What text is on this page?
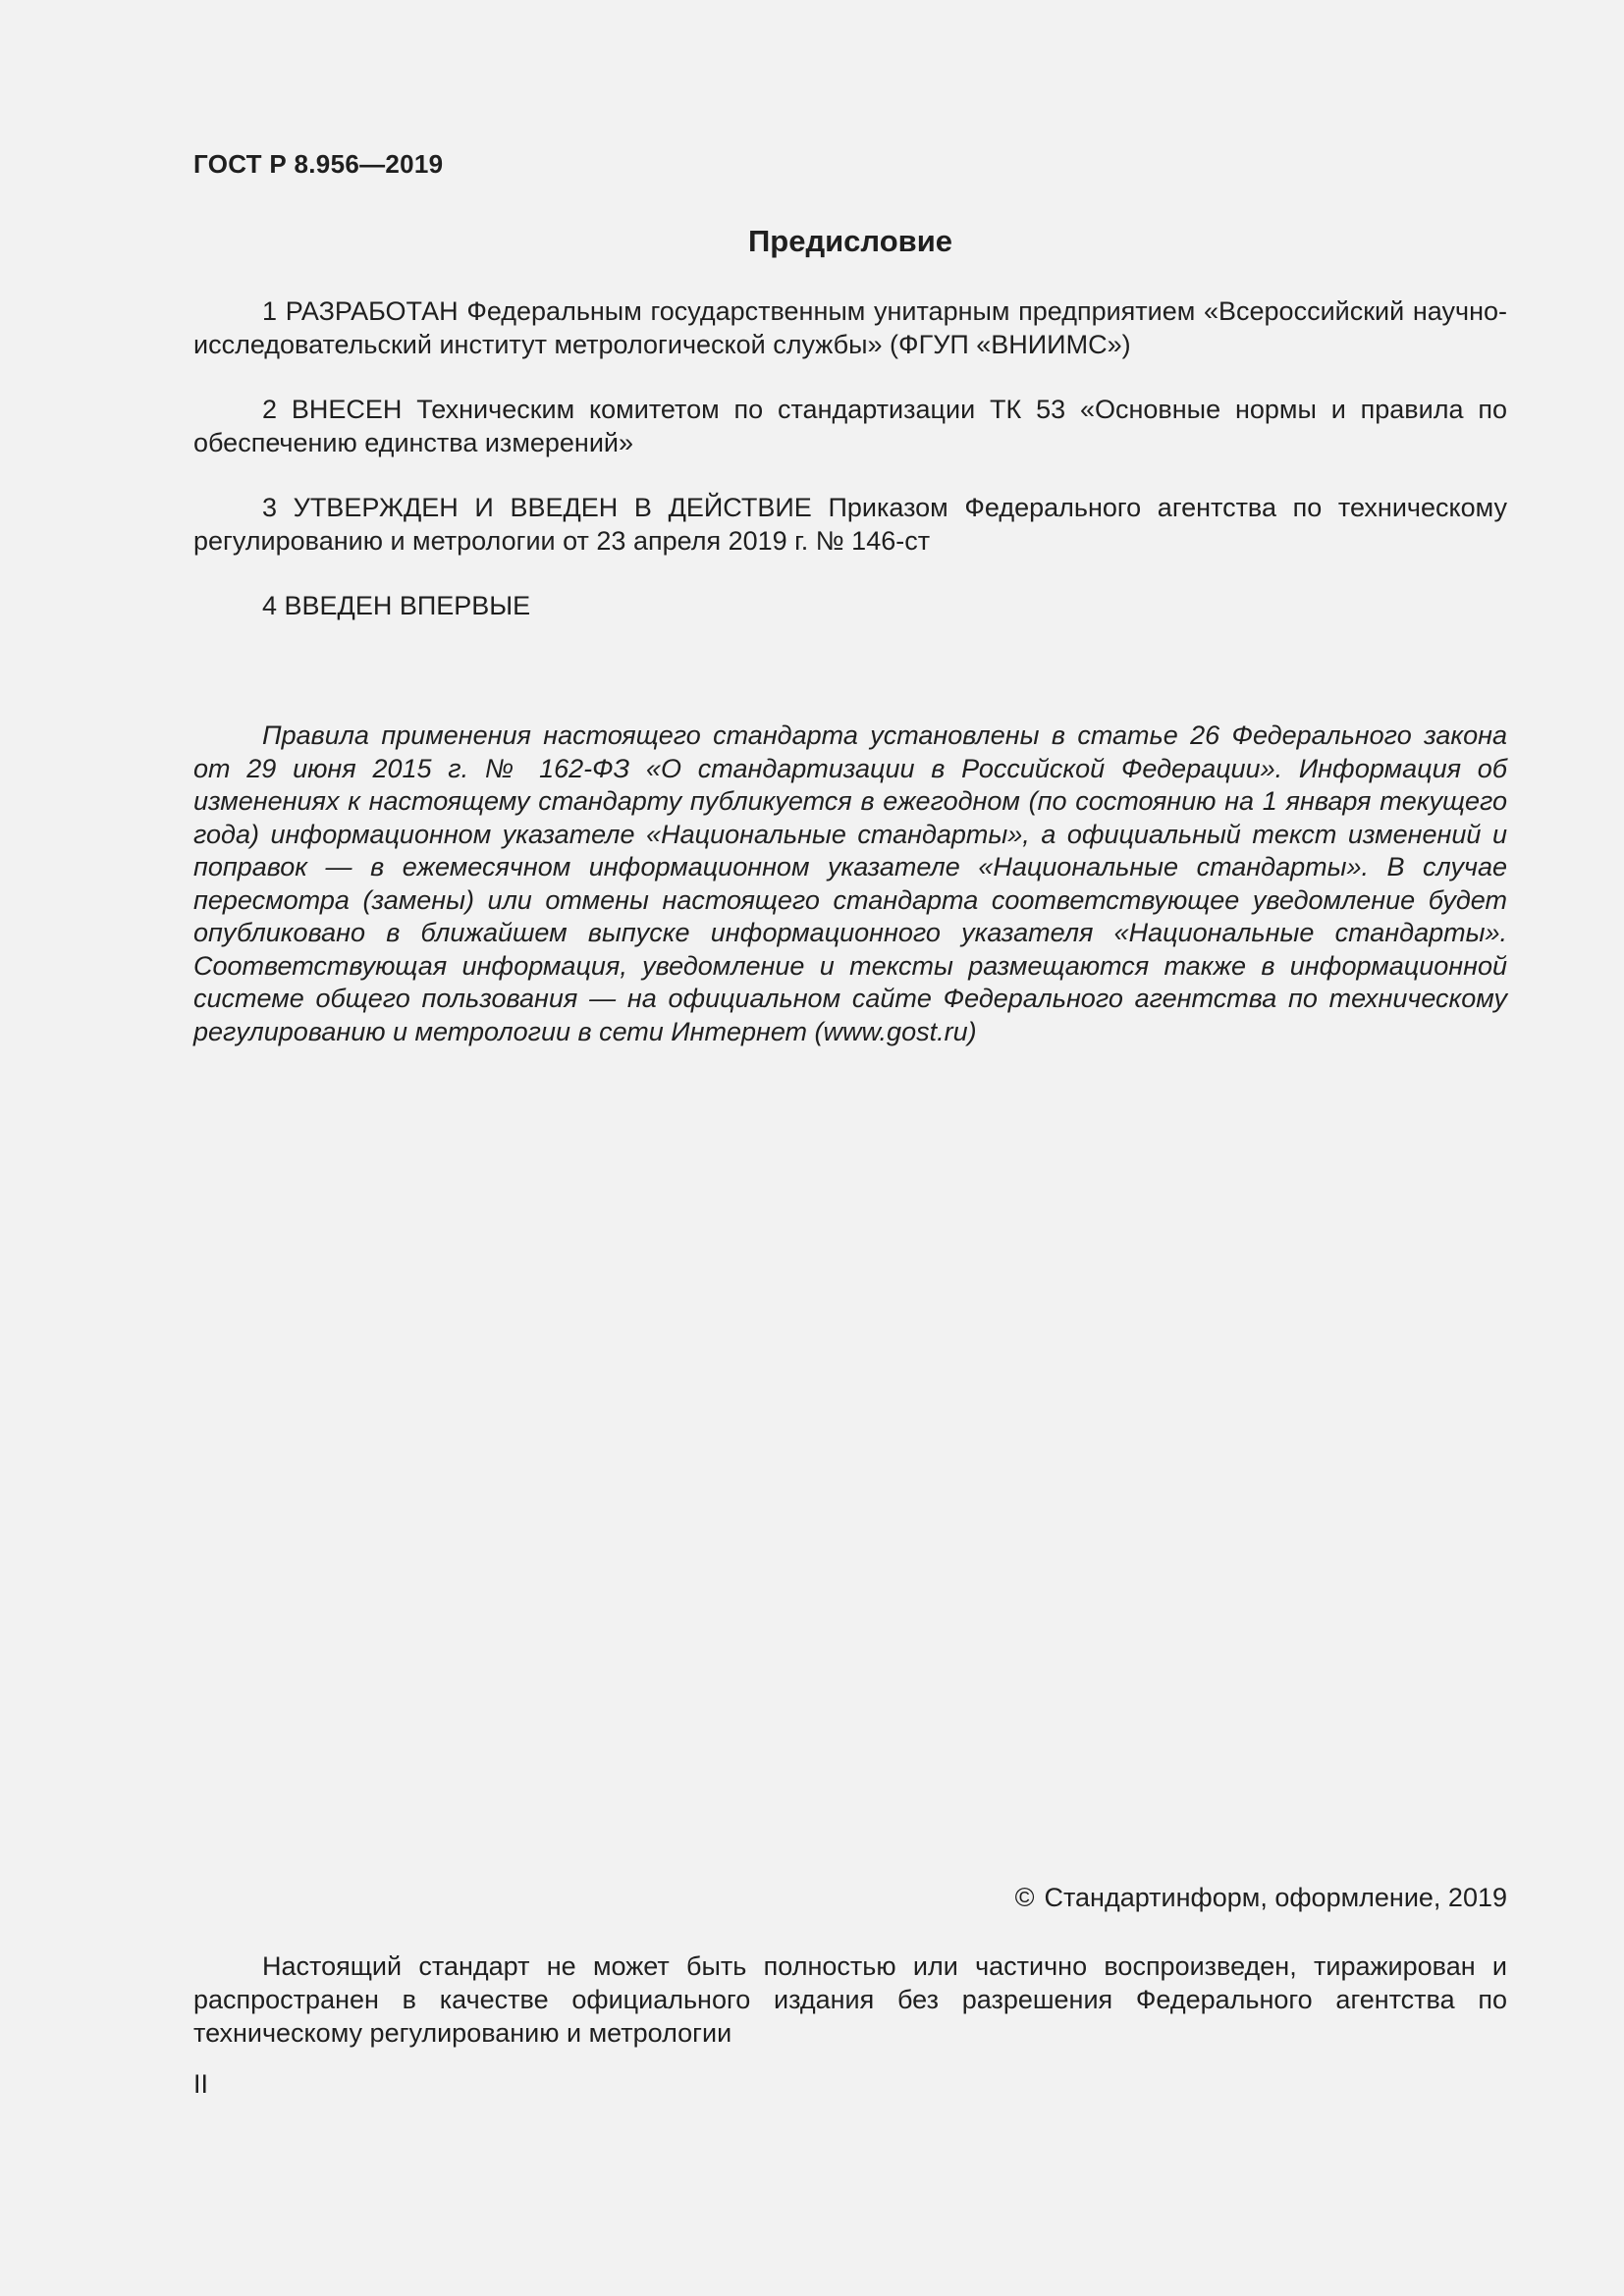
ГОСТ Р 8.956—2019
Предисловие

1 РАЗРАБОТАН Федеральным государственным унитарным предприятием «Всероссийский научно-исследовательский институт метрологической службы» (ФГУП «ВНИИМС»)

2 ВНЕСЕН Техническим комитетом по стандартизации ТК 53 «Основные нормы и правила по обеспечению единства измерений»

3 УТВЕРЖДЕН И ВВЕДЕН В ДЕЙСТВИЕ Приказом Федерального агентства по техническому регулированию и метрологии от 23 апреля 2019 г. № 146-ст

4 ВВЕДЕН ВПЕРВЫЕ

Правила применения настоящего стандарта установлены в статье 26 Федерального закона от 29 июня 2015 г. № 162-ФЗ «О стандартизации в Российской Федерации». Информация об изменениях к настоящему стандарту публикуется в ежегодном (по состоянию на 1 января текущего года) информационном указателе «Национальные стандарты», а официальный текст изменений и поправок — в ежемесячном информационном указателе «Национальные стандарты». В случае пересмотра (замены) или отмены настоящего стандарта соответствующее уведомление будет опубликовано в ближайшем выпуске информационного указателя «Национальные стандарты». Соответствующая информация, уведомление и тексты размещаются также в информационной системе общего пользования — на официальном сайте Федерального агентства по техническому регулированию и метрологии в сети Интернет (www.gost.ru)

© Стандартинформ, оформление, 2019

Настоящий стандарт не может быть полностью или частично воспроизведен, тиражирован и распространен в качестве официального издания без разрешения Федерального агентства по техническому регулированию и метрологии

II
